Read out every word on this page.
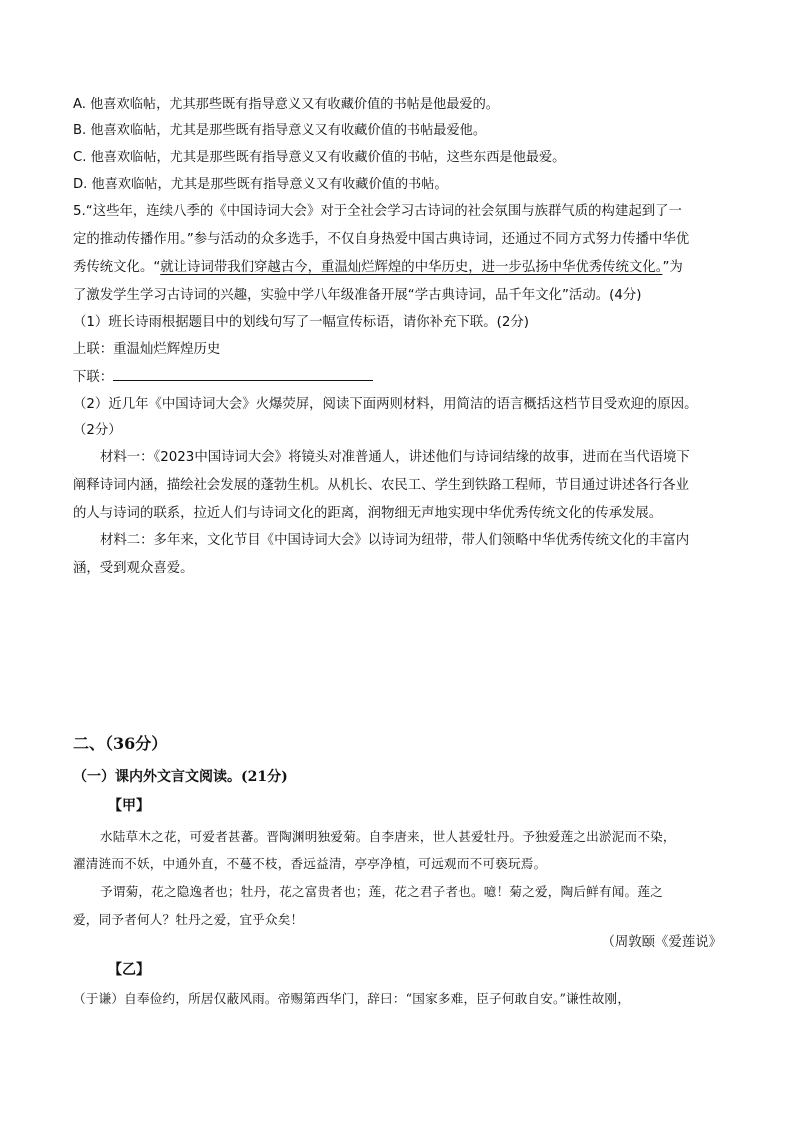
A. 他喜欢临帖，尤其那些既有指导意义又有收藏价值的书帖是他最爱的。
B. 他喜欢临帖，尤其是那些既有指导意义又有收藏价值的书帖最爱他。
C. 他喜欢临帖，尤其是那些既有指导意义又有收藏价值的书帖，这些东西是他最爱。
D. 他喜欢临帖，尤其是那些既有指导意义又有收藏价值的书帖。
5.“这些年，连续八季的《中国诗词大会》对于全社会学习古诗词的社会氛围与族群气质的构建起到了一
定的推动传播作用。”参与活动的众多选手，不仅自身热爱中国古典诗词，还通过不同方式努力传播中华优
秀传统文化。“就让诗词带我们穿越古今，重温灿烂辉煌的中华历史，进一步弘扬中华优秀传统文化。”为
了激发学生学习古诗词的兴趣，实验中学八年级准备开展“学古典诗词，品千年文化”活动。(4分)
（1）班长诗雨根据题目中的划线句写了一幅宣传标语，请你补充下联。(2分)
上联：重温灿烂辉煌历史
下联：
（2）近几年《中国诗词大会》火爆荧屏，阅读下面两则材料，用简洁的语言概括这档节目受欢迎的原因。
（2分）
材料一：《2023中国诗词大会》将镜头对准普通人，讲述他们与诗词结缘的故事，进而在当代语境下
阐释诗词内涵，描绘社会发展的蓬勃生机。从机长、农民工、学生到铁路工程师，节目通过讲述各行各业
的人与诗词的联系，拉近人们与诗词文化的距离，润物细无声地实现中华优秀传统文化的传承发展。
材料二：多年来，文化节目《中国诗词大会》以诗词为纽带，带人们领略中华优秀传统文化的丰富内
涵，受到观众喜爱。
二、（36分）
（一）课内外文言文阅读。(21分)
【甲】
水陆草木之花，可爱者甚蕃。晋陶渊明独爱菊。自李唐来，世人甚爱牡丹。予独爱莲之出淤泥而不染，
濯清涟而不妖，中通外直，不蔓不枝，香远益清，亭亭净植，可远观而不可亵玩焉。
予谓菊，花之隐逸者也；牡丹，花之富贵者也；莲，花之君子者也。噫！菊之爱，陶后鲜有闻。莲之
爱，同予者何人？牡丹之爱，宜乎众矣！
（周敦颐《爱莲说》
【乙】
（于谦）自奉俭约，所居仅蔽风雨。帝赐第西华门，辞曰：“国家多难，臣子何敢自安。”谦性故刚，
